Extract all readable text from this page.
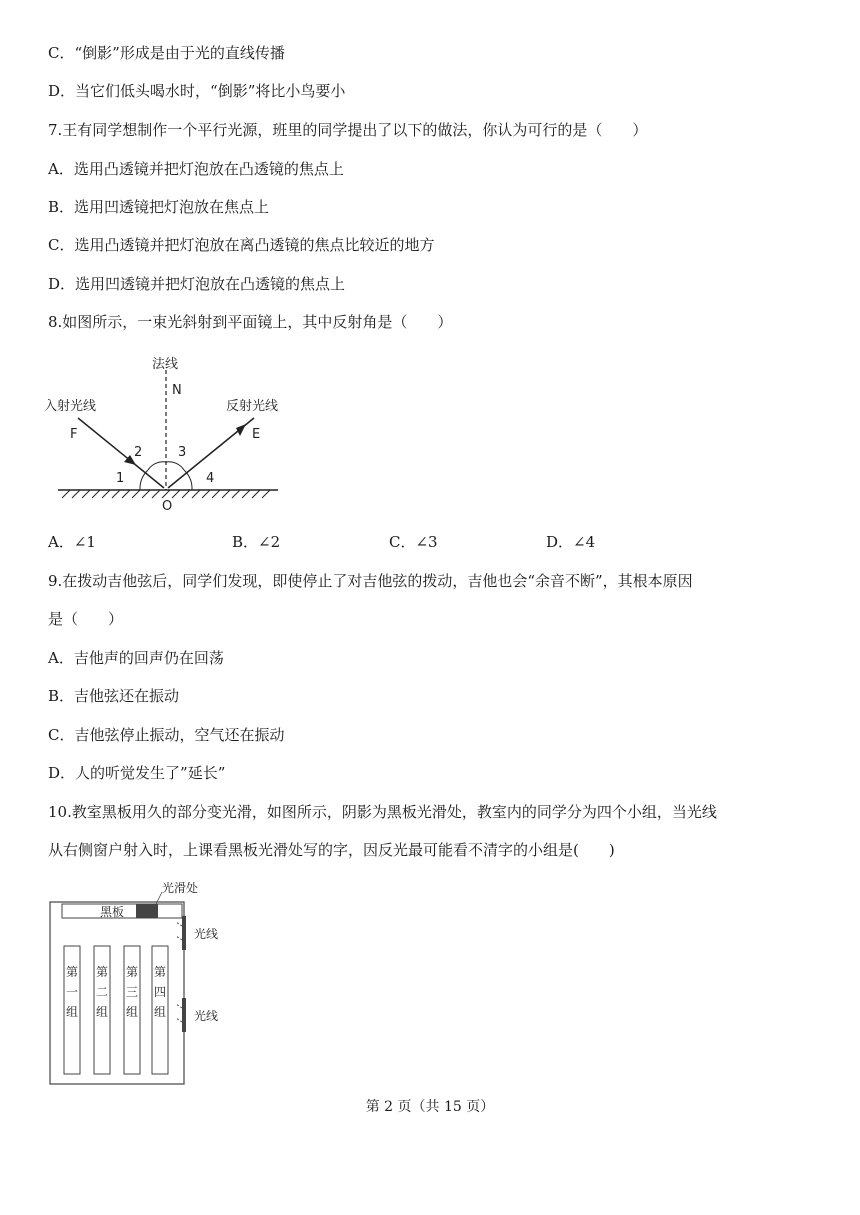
C．“倒影”形成是由于光的直线传播
D．当它们低头喝水时，“倒影”将比小鸟要小
7.王有同学想制作一个平行光源，班里的同学提出了以下的做法，你认为可行的是（　　）
A．选用凸透镜并把灯泡放在凸透镜的焦点上
B．选用凹透镜把灯泡放在焦点上
C．选用凸透镜并把灯泡放在离凸透镜的焦点比较近的地方
D．选用凹透镜并把灯泡放在凸透镜的焦点上
8.如图所示，一束光斜射到平面镜上，其中反射角是（　　）
法线
N
入射光线
F
反射光线
E
1
2	3
4
O
A．∠1	B．∠2	C．∠3	D．∠4
9.在拨动吉他弦后，同学们发现，即使停止了对吉他弦的拨动，吉他也会“余音不断”，其根本原因
是（　　）
A．吉他声的回声仍在回荡
B．吉他弦还在振动
C．吉他弦停止振动，空气还在振动
D．人的听觉发生了”延长”
10.教室黑板用久的部分变光滑，如图所示，阴影为黑板光滑处，教室内的同学分为四个小组，当光线
从右侧窗户射入时，上课看黑板光滑处写的字，因反光最可能看不清字的小组是(　　)
黑板
光滑处
光线
光线
第
一
组
第
二
组
第
三
组
第
四
组
第 2 页（共 15 页）
